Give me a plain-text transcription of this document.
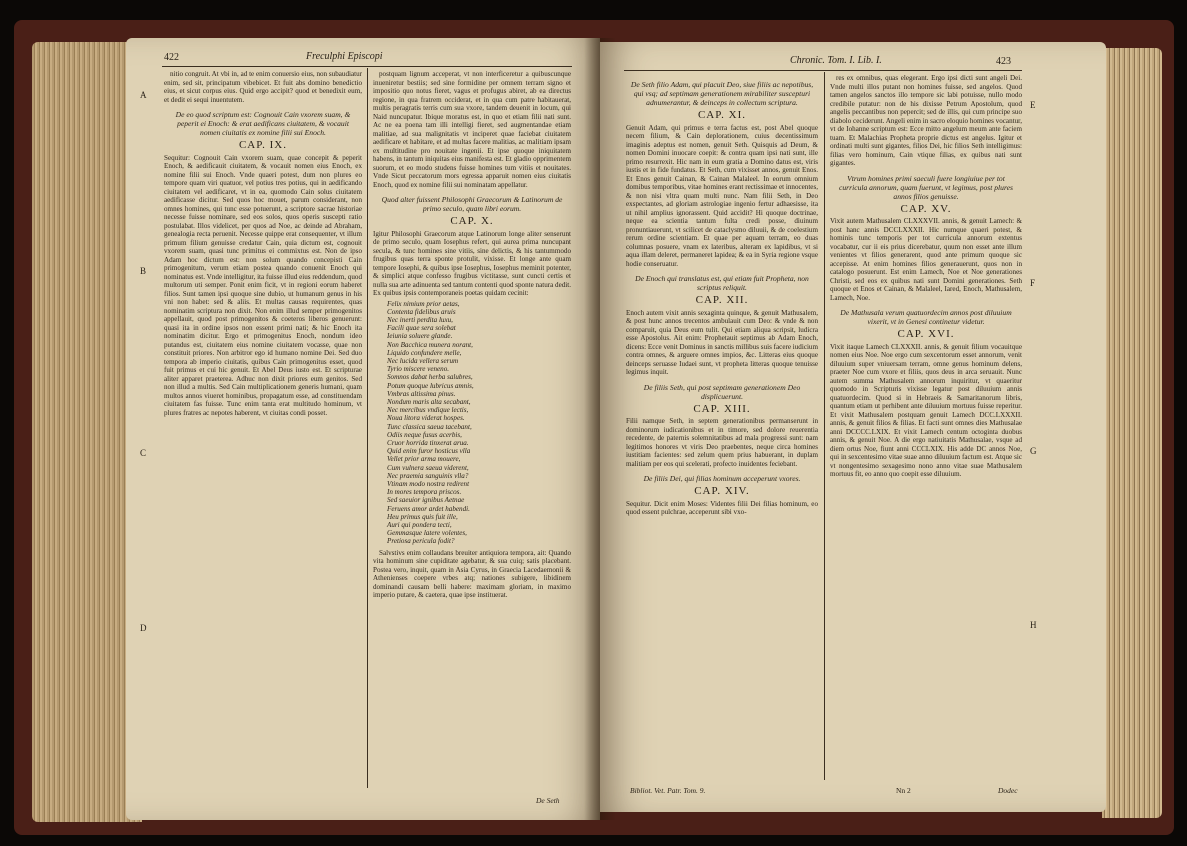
422	Freculphi Episcopi
A
B
C
D

nitio congruit. At vbi in, ad te enim conuersio eius, non subaudiatur enim, sed sit, principatum vibebicet. Et fuit abs domino benedictio eius, et sicut corpus eius. Quid ergo accipit? quod et benedixit eum, et dedit ei sequi inuentutem.

De eo quod scriptum est: Cognouit Cain vxorem suam, & peperit ei Enoch: & erat aedificans ciuitatem, & vocauit nomen ciuitatis ex nomine filii sui Enoch.
CAP. IX.

Sequitur: Cognouit Cain vxorem suam, quae concepit & peperit Enoch, & aedificauit ciuitatem, & vocauit nomen eius Enoch, ex nomine filii sui Enoch. Vnde quaeri potest, dum non plures eo tempore quam viri quatuor, vel potius tres potius, qui in aedificando ciuitatem vel aedificaret, vt in ea, quomodo Cain solus ciuitatem aedificasse dicitur. Sed quos hoc mouet, parum considerant, non omnes homines, qui tunc esse potuerunt, a scriptore sacrae historiae necesse fuisse nominare, sed eos solos, quos operis suscepti ratio postulabat. Illos videlicet, per quos ad Noe, ac deinde ad Abraham, genealogia recta peruenit. Necesse quippe erat consequenter, vt illum primum filium genuisse credatur Cain, quia dictum est, cognouit vxorem suam, quasi tunc primitus ei commixtus est. Non de ipso Adam hoc dictum est: non solum quando concepisti Cain primogenitum, verum etiam postea quando conuenit Enoch qui nominatus est. Vnde intelligitur, ita fuisse illud eius reddendum, quod multorum uti semper. Ponit enim ficit, vt in regioni eorum haberet filios. Sunt tamen ipsi quoque sine dubio, ut humanum genus in his vni non habet: sed & aliis. Et multas causas requirentes, quas nominatim scriptura non dixit. Non enim illud semper primogenitos appellauit, quod post primogenitos & coeteros liberos genuerunt: quasi ita in ordine ipsos non essent primi nati; & hic Enoch ita nominatim dicitur. Ergo et primogenitus Enoch, nondum ideo putandus est, ciuitatem eius nomine ciuitatem vocasse, quae non constituit priores. Non arbitror ego id humano nomine Dei. Sed duo tempora ab imperio ciuitatis, quibus Cain primogenitus esset, quod fuit primus et cui hic genuit. Et Abel Deus iusto est. Et scripturae aliter apparet praeterea. Adhuc non dixit priores eum genitos. Sed non illud a multis. Sed Cain multiplicationem generis humani, quam multos annos viueret hominibus, propagatum esse, ad constituendam ciuitatem fas fuisse. Tunc enim tanta erat multitudo hominum, vt plures fratres ac nepotes haberent, vt ciuitas condi posset.

postquam lignum acceperat, vt non interficeretur a quibuscunque inueniretur bestiis; sed sine formidine per omnem terram signo et impositio quo notus fieret, vagus et profugus abiret, ab ea directus regione, in qua fratrem occiderat, et in qua cum patre habitauerat, multis peragratis terris cum sua vxore, tandem deuenit in locum, qui Naid nuncupatur. Ibique moratus est, in quo et etiam filii nati sunt. Ac ne ea poena tam illi intelligi fieret, sed augmentandae etiam malitiae, ad sua malignitatis vt inciperet quae faciebat ciuitatem aedificare et habitare, et ad multas facere malitias, ac malitiam ipsam ex multitudine pro nouitate ingenii. Et ipse quoque iniquitatem habens, in tantum iniquitas eius manifesta est. Et gladio opprimentem suorum, et eo modo studens fuisse homines tum vitiis et nouitates. Vnde Sicut peccatorum mors egressa apparuit nomen eius ciuitatis Enoch, quod ex nomine filii sui nominatam appellatur.

Quod alter fuissent Philosophi Graecorum & Latinorum de primo seculo, quam libri eorum.
CAP. X.

Igitur Philosophi Graecorum atque Latinorum longe aliter senserunt de primo seculo, quam Iosephus refert, qui aurea prima nuncupant secula, & tunc homines sine vitiis, sine delictis, & his tantummodo frugibus quas terra sponte protulit, vixisse. Et longe ante quam tempore Iosephi, & quibus ipse Iosephus, Iosephus meminit potenter, & simplici atque confesso frugibus victitasse, sunt cuncti certis et nulla sua arte adinuenta sed tantum contenti quod sponte natura dedit. Ex quibus ipsis contemporaneis poetas quidam cecinit:

Felix nimium prior aetas,
Contenta fidelibus aruis
Nec inerti perdita luxu,
Facili quae sera solebat
Ieiunia soluere glande.
Non Bacchica munera norant,
Liquido confundere melle,
Nec lucida vellera serum
Tyrio miscere veneno.
Somnos dabat herba salubres,
Potum quoque lubricus amnis,
Vmbras altissima pinus.
Nondum maris alta secabant,
Nec mercibus vndique lectis,
Noua litora viderat hospes.
Tunc classica saeua tacebant,
Odiis neque fusus acerbis,
Cruor horrida tinxerat arua.
Quid enim furor hosticus vlla
Vellet prior arma mouere,
Cum vulnera saeua viderent,
Nec praemia sanguinis vlla?
Vtinam modo nostra redirent
In mores tempora priscos.
Sed saeuior ignibus Aetnae
Feruens amor ardet habendi.
Heu primus quis fuit ille,
Auri qui pondera tecti,
Gemmasque latere volentes,
Pretiosa pericula fodit?

Salvstivs enim collaudans breuiter antiquiora tempora, ait: Quando vita hominum sine cupiditate agebatur, & sua cuiq; satis placebant. Postea vero, inquit, quam in Asia Cyrus, in Graecia Lacedaemonii & Athenienses coepere vrbes atq; nationes subigere, libidinem dominandi causam belli habere: maximam gloriam, in maximo imperio putare, & caetera, quae ipse instituerat.

De Seth
Chronic. Tom. I. Lib. I.	423
E
F
G
H
De Seth filio Adam, qui placuit Deo, siue filiis ac nepotibus, qui vsq; ad septimam generationem mirabiliter suscepturi adnumerantur, & deinceps in collectum scriptura.
CAP. XI.

Genuit Adam, qui primus e terra factus est, post Abel quoque necem filium, & Cain deplorationem, cuius decentissimum imaginis adeptus est nomen, genuit Seth. Quisquis ad Deum, & nomen Domini inuocare coepit: & contra quam ipsi nati sunt, ille primo resurrexit. Hic nam in eum gratia a Domino datus est, viris iustis et in fide fundatus. Et Seth, cum vixisset annos, genuit Enos. Et Enos genuit Cainan, & Cainan Malaleel. In eorum omnium domibus temporibus, vitae homines erant rectissimae et innocentes, & non nisi vltra quam multi nunc. Nam filii Seth, in Deo exspectantes, ad gloriam astrologiae ingenio fertur adhaesisse, ita ut nihil amplius ignorassent. Quid accidit? Hi quoque doctrinae, neque ea scientia tantum fulta credi posse, diuinum pronuntiauerunt, vt scilicet de cataclysmo diluuii, & de coelestium rerum ordine scientiam. Et quae per aquam terram, eo duas columnas posuere, vnam ex lateribus, alteram ex lapidibus, vt si aqua illam deleret, permaneret lapidea; & ea in Syria regione vsque hodie conseruatur.

De Enoch qui translatus est, qui etiam fuit Propheta, non scriptus reliquit.
CAP. XII.

Enoch autem vixit annis sexaginta quinque, & genuit Mathusalem, & post hunc annos trecentos ambulauit cum Deo: & vnde & non comparuit, quia Deus eum tulit. Qui etiam aliqua scripsit, ludicra esse Apostolus. Ait enim: Prophetauit septimus ab Adam Enoch, dicens: Ecce venit Dominus in sanctis millibus suis facere iudicium contra omnes, & arguere omnes impios, &c. Litteras eius quoque deinceps seruasse Iudaei sunt, vt propheta litteras quoque tenuisse legimus inquit.

De filiis Seth, qui post septimam generationem Deo displicuerunt.
CAP. XIII.

Filii namque Seth, in septem generationibus permanserunt in dominorum iudicationibus et in timore, sed dolore reuerentia recedente, de paternis solemnitatibus ad mala progressi sunt: nam legitimos honores vt viris Deo praebentes, neque circa homines iustitiam facientes: sed zelum quem prius habuerant, in duplam malitiam per eos qui scelerati, profecto inuidentes feciebant.

De filiis Dei, qui filias hominum acceperunt vxores.
CAP. XIV.

Sequitur. Dicit enim Moses: Videntes filii Dei filias hominum, eo quod essent pulchrae, acceperunt sibi vxo-

res ex omnibus, quas elegerant. Ergo ipsi dicti sunt angeli Dei. Vnde multi illos putant non homines fuisse, sed angelos. Quod tamen angelos sanctos illo tempore sic labi potuisse, nullo modo credibile putatur: non de his dixisse Petrum Apostolum, quod angelis peccantibus non pepercit; sed de illis, qui cum principe suo diabolo ceciderunt. Angeli enim in sacro eloquio homines vocantur, vt de Iohanne scriptum est: Ecce mitto angelum meum ante faciem tuam. Et Malachias Propheta proprie dictus est angelus. Igitur et ordinati multi sunt gigantes, filios Dei, hic filios Seth intelligimus: filias vero hominum, Cain vtique filias, ex quibus nati sunt gigantes.

Vtrum homines primi saeculi fuere longiuiue per tot curricula annorum, quam fuerunt, vt legimus, post plures annos filios genuisse.
CAP. XV.

Vixit autem Mathusalem CLXXXVII. annis, & genuit Lamech: & post hanc annis DCCLXXXII. Hic numque quaeri potest, & hominis tunc temporis per tot curricula annorum extentus vocabatur, cur ii eis prius dicerebatur, quum non esset ante illum venientes vt filios generarent, quod ante primum quoque sic accepisse. At enim homines filios generauerunt, quos non in catalogo posuerunt. Est enim Lamech, Noe et Noe generationes Christi, sed eos ex quibus nati sunt Domini generationes. Seth quoque et Enos et Cainan, & Malaleel, Iared, Enoch, Mathusalem, Lamech, Noe.

De Mathusala verum quatuordecim annos post diluuium vixerit, vt in Genesi continetur videtur.
CAP. XVI.

Vixit itaque Lamech CLXXXII. annis, & genuit filium vocauitque nomen eius Noe. Noe ergo cum sexcentorum esset annorum, venit diluuium super vniuersam terram, omne genus hominum delens, praeter Noe cum vxore et filiis, quos deus in arca seruauit. Nunc autem summa Mathusalem annorum inquiritur, vt quaeritur quomodo in Scripturis vixisse legatur post diluuium annis quatuordecim. Quod si in Hebraeis & Samaritanorum libris, quantum etiam ut perhibent ante diluuium mortuus fuisse reperitur. Et vixit Mathusalem postquam genuit Lamech DCC.LXXXII. annis, & genuit filios & filias. Et facti sunt omnes dies Mathusalae anni DCCCC.LXIX. Et vixit Lamech centum octoginta duobus annis, & genuit Noe. A die ergo natiuitatis Mathusalae, vsque ad diem ortus Noe, fiunt anni CCCLXIX. His adde DC annos Noe, qui in sexcentesimo vitae suae anno diluuium factum est. Atque sic vt nongentesimo sexagesimo nono anno vitae suae Mathusalem mortuus fit, eo anno quo coepit esse diluuium.

Bibliot. Vet. Patr. Tom. 9.	Nn 2	Dodec
